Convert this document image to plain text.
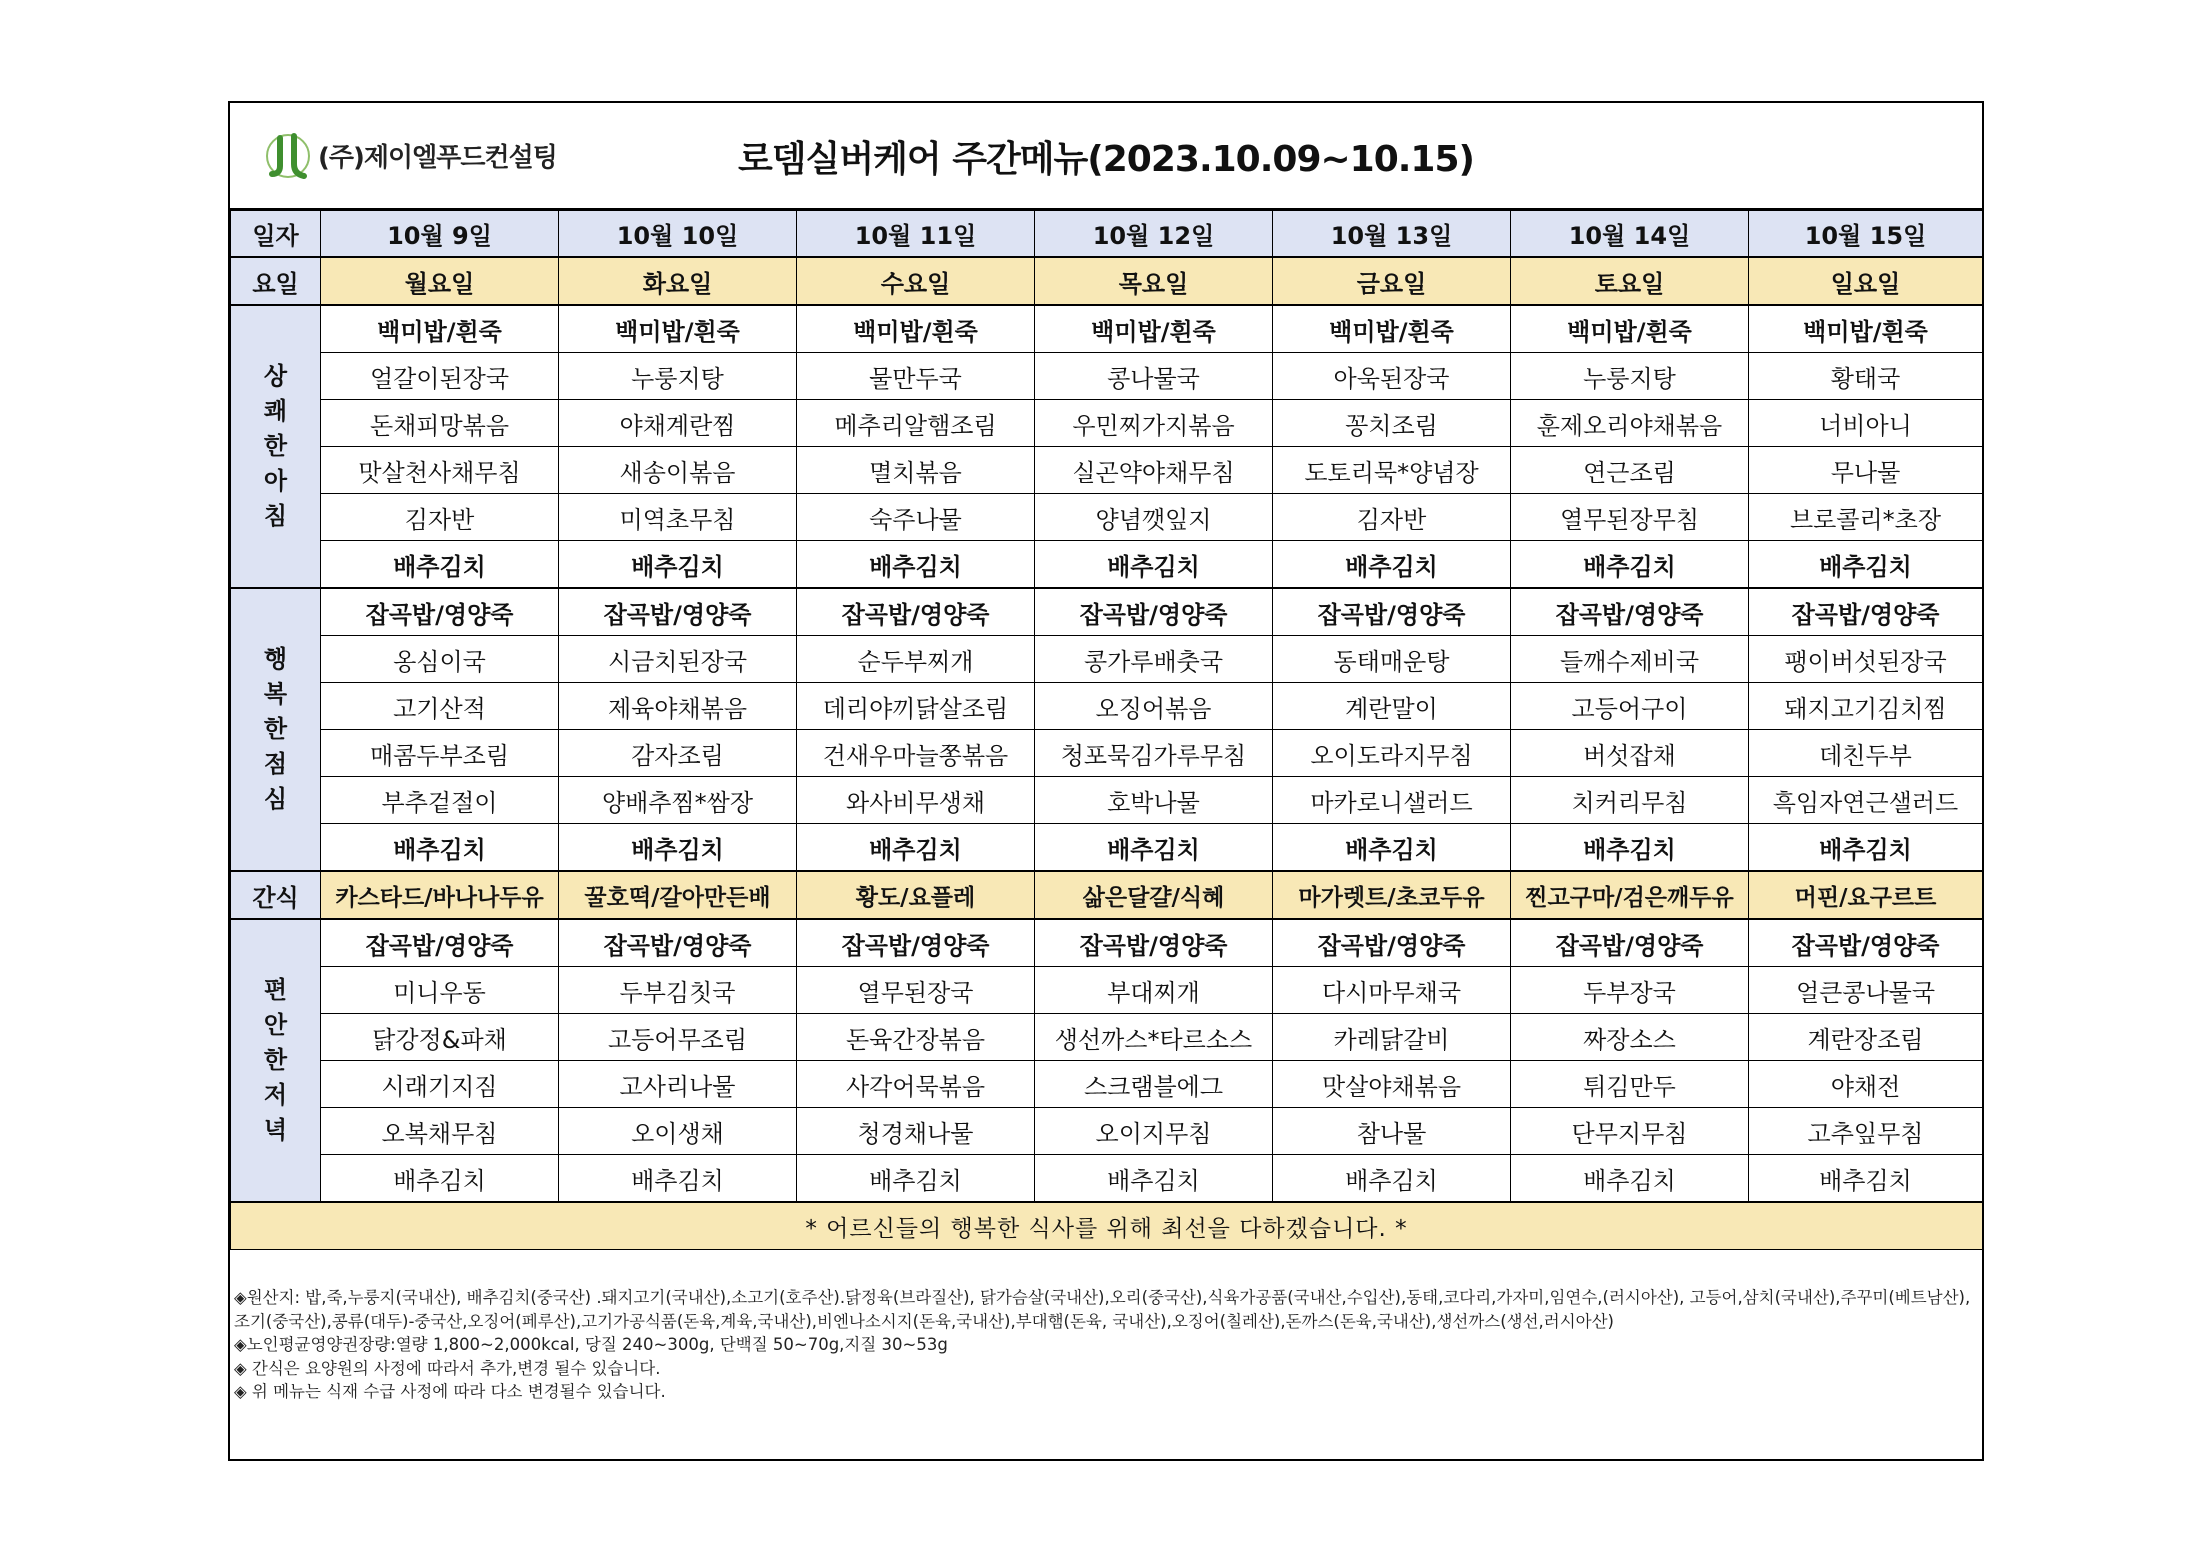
(주)제이엘푸드컨설팅	로뎀실버케어 주간메뉴(2023.10.09~10.15)
일자	10월 9일	10월 10일	10월 11일	10월 12일	10월 13일	10월 14일	10월 15일
요일	월요일	화요일	수요일	목요일	금요일	토요일	일요일
상
쾌
한
아
침	백미밥/흰죽	백미밥/흰죽	백미밥/흰죽	백미밥/흰죽	백미밥/흰죽	백미밥/흰죽	백미밥/흰죽
	얼갈이된장국	누룽지탕	물만두국	콩나물국	아욱된장국	누룽지탕	황태국
	돈채피망볶음	야채계란찜	메추리알햄조림	우민찌가지볶음	꽁치조림	훈제오리야채볶음	너비아니
	맛살천사채무침	새송이볶음	멸치볶음	실곤약야채무침	도토리묵*양념장	연근조림	무나물
	김자반	미역초무침	숙주나물	양념깻잎지	김자반	열무된장무침	브로콜리*초장
	배추김치	배추김치	배추김치	배추김치	배추김치	배추김치	배추김치
행
복
한
점
심	잡곡밥/영양죽	잡곡밥/영양죽	잡곡밥/영양죽	잡곡밥/영양죽	잡곡밥/영양죽	잡곡밥/영양죽	잡곡밥/영양죽
	옹심이국	시금치된장국	순두부찌개	콩가루배춧국	동태매운탕	들깨수제비국	팽이버섯된장국
	고기산적	제육야채볶음	데리야끼닭살조림	오징어볶음	계란말이	고등어구이	돼지고기김치찜
	매콤두부조림	감자조림	건새우마늘쫑볶음	청포묵김가루무침	오이도라지무침	버섯잡채	데친두부
	부추겉절이	양배추찜*쌈장	와사비무생채	호박나물	마카로니샐러드	치커리무침	흑임자연근샐러드
	배추김치	배추김치	배추김치	배추김치	배추김치	배추김치	배추김치
간식	카스타드/바나나두유	꿀호떡/갈아만든배	황도/요플레	삶은달걀/식혜	마가렛트/초코두유	찐고구마/검은깨두유	머핀/요구르트
편
안
한
저
녁	잡곡밥/영양죽	잡곡밥/영양죽	잡곡밥/영양죽	잡곡밥/영양죽	잡곡밥/영양죽	잡곡밥/영양죽	잡곡밥/영양죽
	미니우동	두부김칫국	열무된장국	부대찌개	다시마무채국	두부장국	얼큰콩나물국
	닭강정&파채	고등어무조림	돈육간장볶음	생선까스*타르소스	카레닭갈비	짜장소스	계란장조림
	시래기지짐	고사리나물	사각어묵볶음	스크램블에그	맛살야채볶음	튀김만두	야채전
	오복채무침	오이생채	청경채나물	오이지무침	참나물	단무지무침	고추잎무침
	배추김치	배추김치	배추김치	배추김치	배추김치	배추김치	배추김치
* 어르신들의 행복한 식사를 위해 최선을 다하겠습니다. *							

◈원산지: 밥,죽,누룽지(국내산), 배추김치(중국산) .돼지고기(국내산),소고기(호주산).닭정육(브라질산), 닭가슴살(국내산),오리(중국산),식육가공품(국내산,수입산),동태,코다리,가자미,임연수,(러시아산), 고등어,삼치(국내산),주꾸미(베트남산),조기(중국산),콩류(대두)-중국산,오징어(페루산),고기가공식품(돈육,계육,국내산),비엔나소시지(돈육,국내산),부대햄(돈육, 국내산),오징어(칠레산),돈까스(돈육,국내산),생선까스(생선,러시아산)

◈노인평균영양권장량:열량 1,800~2,000kcal, 당질 240~300g, 단백질 50~70g,지질 30~53g

◈ 간식은 요양원의 사정에 따라서 추가,변경 될수 있습니다.

◈ 위 메뉴는 식재 수급 사정에 따라 다소 변경될수 있습니다.
